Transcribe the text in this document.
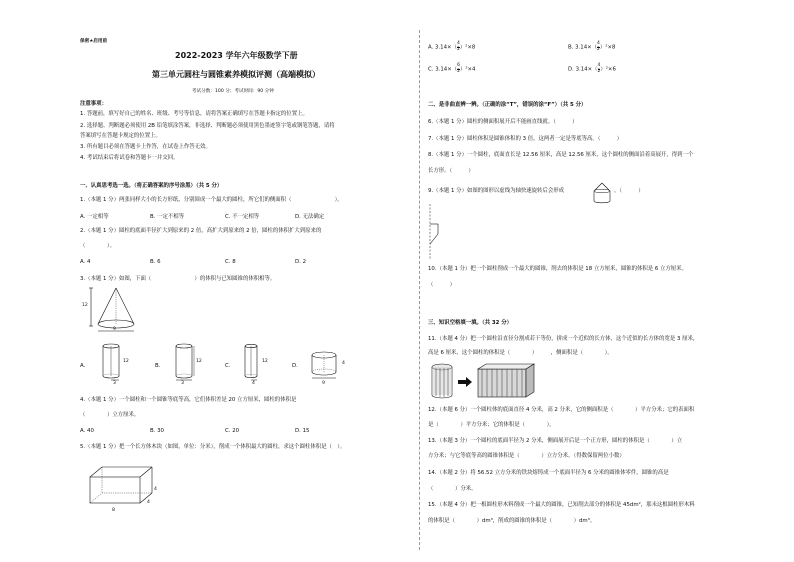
保密★启用前
2022-2023 学年六年级数学下册
第三单元圆柱与圆锥素养模拟评测（高端模拟）
考试分数：100 分；考试时间：90 分钟
注意事项：
1. 答题前，填写好自己的姓名、班级、考号等信息，请将答案正确填写在答题卡指定的位置上。
2. 选择题、判断题必须使用 2B 铅笔填涂答案，非选择、判断题必须使用黑色墨迹签字笔或钢笔答题，请将
答案填写在答题卡规定的位置上。
3. 所有题目必须在答题卡上作答，在试卷上作答无效。
4. 考试结束后将试卷和答题卡一并交回。
一、认真思考选一选。（将正确答案的序号涂黑）（共 5 分）
1.（本题 1 分）两张同样大小的长方形纸，分别围成一个最大的圆柱，所它们的侧面积（　　　　　　　　）。
A. 一定相等	B. 一定不相等	C. 不一定相等	D. 无法确定
2.（本题 1 分）圆柱的底面半径扩大到原来的 2 倍，高扩大到原来的 2 倍，圆柱的体积扩大到原来的
（　　　　）。
A. 4	B. 6	C. 8	D. 2
3.（本题 1 分）如图，下面（　　　　　　　　）的体积与已知圆锥的体积相等。
12
9
A.
12
3
B.
12
3
C.
12
4
D.	4
9
4.（本题 1 分）一个圆柱和一个圆锥等底等高，它们体积差是 20 立方厘米，圆柱的体积是
（　　　　）立方厘米。
A. 40	B. 30	C. 20	D. 15
5.（本题 1 分）把一个长方体木块（如图，单位：分米），削成一个体积最大的圆柱，求这个圆柱体积是（　）。
4
4
8
A. $3.14\times( \frac{4}{2} )^2\times 8$	B. $3.14\times( \frac{4}{2} )^2\times 8$
C. $3.14\times( \frac{6}{2} )^2\times 4$	D. $3.14\times( \frac{4}{2} )^2\times 6$
二、是非曲直辨一辨。（正确的涂“T”，错误的涂“F”）（共 5 分）
6.（本题 1 分）圆柱的侧面积展开后不能画直线就。（　　　）
7.（本题 1 分）圆柱体积是圆锥体积的 3 倍，这两者一定是等底等高。（　　　）
8.（本题 1 分）一个圆柱，底面直长是 12.56 厘米，高是 12.56 厘米，这个圆柱的侧面沿着高展开，得到一个
长方形。（　　　）
9.（本题 1 分）如图的图形以虚线为轴快速旋转后会形成	。（　　　）
10.（本题 1 分）把一个圆柱削成一个最大的圆锥，削去的体积是 18 立方厘米，圆锥的体积是 6 立方厘米。
（　　　）
三、知识空格填一填。（共 32 分）
11.（本题 4 分）把一个圆柱沿直径分割成若干等份，拼成一个近似的长方体，这个近似的长方体的宽是 3 厘米，
高是 6 厘米，这个圆柱的体积是（　　　　）　　　，侧面积是（　　　　）。
12.（本题 6 分）一个圆柱体的底面直径 4 分米，高 2 分米，它的侧面积是（　　　　）平方分米；它的表面积
是（　　　　）平方分米；它的体积是（　　　　）。
13.（本题 3 分）一个圆柱的底面半径为 2 分米，侧面展开后是一个正方形，圆柱的体积是（　　　　）立
方分米；与它等底等高的圆锥体积是（　　　　）立方分米。（得数保留两位小数）
14.（本题 2 分）将 56.52 立方分米的铁块熔铸成一个底面半径为 6 分米的圆锥体零件，圆锥的高是
（　　　　）分米。
15.（本题 4 分）把一根圆柱形木料削成一个最大的圆锥，已知削去部分的体积是 45dm²，那未这根圆柱形木料
的体积是（　　　　）dm³，削成的圆锥的体积是（　　　　）dm³。
